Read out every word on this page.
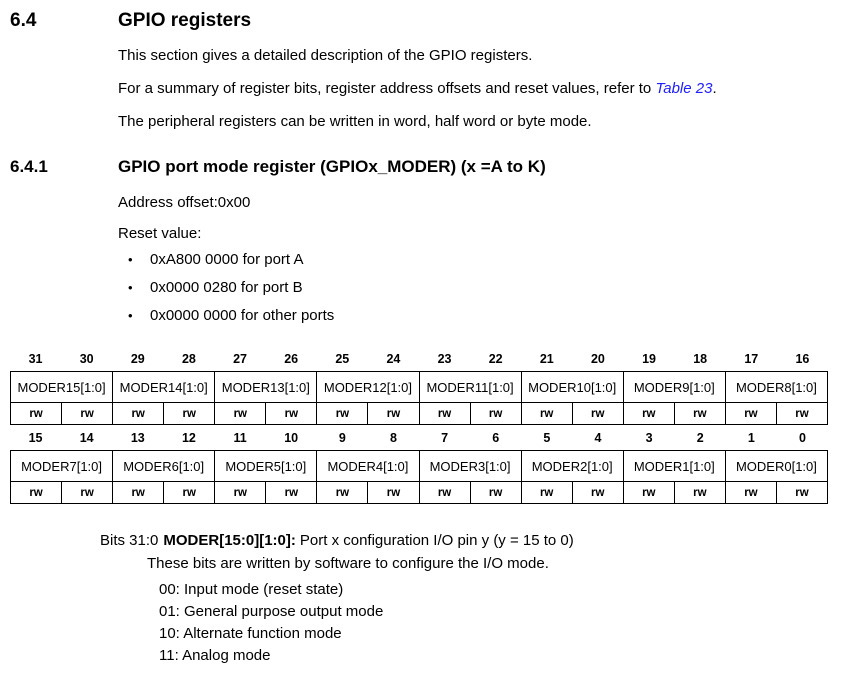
6.4	GPIO registers

This section gives a detailed description of the GPIO registers.

For a summary of register bits, register address offsets and reset values, refer to Table 23.

The peripheral registers can be written in word, half word or byte mode.

6.4.1	GPIO port mode register (GPIOx_MODER) (x =A to K)

Address offset:0x00

Reset value:

•	0xA800 0000 for port A
•	0x0000 0280 for port B
•	0x0000 0000 for other ports
31	30	29	28	27	26	25	24	23	22	21	20	19	18	17	16
MODER15[1:0]		MODER14[1:0]		MODER13[1:0]		MODER12[1:0]		MODER11[1:0]		MODER10[1:0]		MODER9[1:0]		MODER8[1:0]	
rw	rw	rw	rw	rw	rw	rw	rw	rw	rw	rw	rw	rw	rw	rw	rw
15	14	13	12	11	10	9	8	7	6	5	4	3	2	1	0
MODER7[1:0]		MODER6[1:0]		MODER5[1:0]		MODER4[1:0]		MODER3[1:0]		MODER2[1:0]		MODER1[1:0]		MODER0[1:0]	
rw	rw	rw	rw	rw	rw	rw	rw	rw	rw	rw	rw	rw	rw	rw	rw
Bits 31:0 MODER[15:0][1:0]: Port x configuration I/O pin y (y = 15 to 0)
These bits are written by software to configure the I/O mode.
00: Input mode (reset state)
01: General purpose output mode
10: Alternate function mode
11: Analog mode
